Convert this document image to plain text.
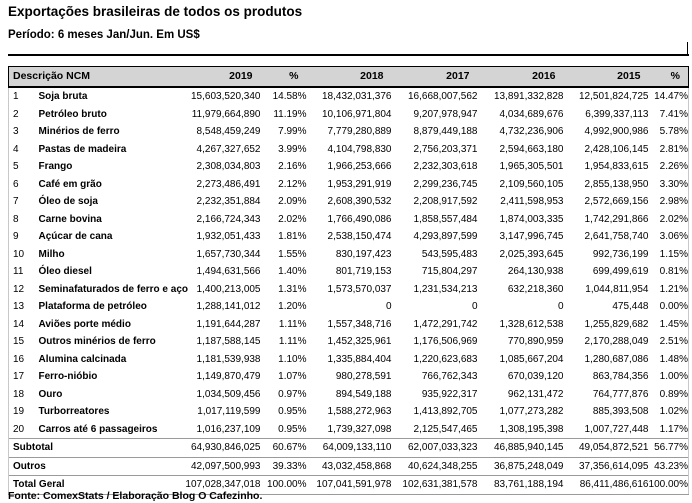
Exportações brasileiras de todos os produtos
Período: 6 meses Jan/Jun. Em US$
Descrição NCM		2019	%	2018	2017	2016	2015	%
1	Soja bruta	15,603,520,340	14.58%	18,432,031,376	16,668,007,562	13,891,332,828	12,501,824,725	14.47%
2	Petróleo bruto	11,979,664,890	11.19%	10,106,971,804	9,207,978,947	4,034,689,676	6,399,337,113	7.41%
3	Minérios de ferro	8,548,459,249	7.99%	7,779,280,889	8,879,449,188	4,732,236,906	4,992,900,986	5.78%
4	Pastas de madeira	4,267,327,652	3.99%	4,104,798,830	2,756,203,371	2,594,663,180	2,428,106,145	2.81%
5	Frango	2,308,034,803	2.16%	1,966,253,666	2,232,303,618	1,965,305,501	1,954,833,615	2.26%
6	Café em grão	2,273,486,491	2.12%	1,953,291,919	2,299,236,745	2,109,560,105	2,855,138,950	3.30%
7	Óleo de soja	2,232,351,884	2.09%	2,608,390,532	2,208,917,592	2,411,598,953	2,572,669,156	2.98%
8	Carne bovina	2,166,724,343	2.02%	1,766,490,086	1,858,557,484	1,874,003,335	1,742,291,866	2.02%
9	Açúcar de cana	1,932,051,433	1.81%	2,538,150,474	4,293,897,599	3,147,996,745	2,641,758,740	3.06%
10	Milho	1,657,730,344	1.55%	830,197,423	543,595,483	2,025,393,645	992,736,199	1.15%
11	Óleo diesel	1,494,631,566	1.40%	801,719,153	715,804,297	264,130,938	699,499,619	0.81%
12	Seminafaturados de ferro e aço	1,400,213,005	1.31%	1,573,570,037	1,231,534,213	632,218,360	1,044,811,954	1.21%
13	Plataforma de petróleo	1,288,141,012	1.20%	0	0	0	475,448	0.00%
14	Aviões porte médio	1,191,644,287	1.11%	1,557,348,716	1,472,291,742	1,328,612,538	1,255,829,682	1.45%
15	Outros minérios de ferro	1,187,588,145	1.11%	1,452,325,961	1,176,506,969	770,890,959	2,170,288,049	2.51%
16	Alumina calcinada	1,181,539,938	1.10%	1,335,884,404	1,220,623,683	1,085,667,204	1,280,687,086	1.48%
17	Ferro-nióbio	1,149,870,479	1.07%	980,278,591	766,762,343	670,039,120	863,784,356	1.00%
18	Ouro	1,034,509,456	0.97%	894,549,188	935,922,317	962,131,472	764,777,876	0.89%
19	Turborreatores	1,017,119,599	0.95%	1,588,272,963	1,413,892,705	1,077,273,282	885,393,508	1.02%
20	Carros até 6 passageiros	1,016,237,109	0.95%	1,739,327,098	2,125,547,465	1,308,195,398	1,007,727,448	1.17%
Subtotal		64,930,846,025	60.67%	64,009,133,110	62,007,033,323	46,885,940,145	49,054,872,521	56.77%
Outros		42,097,500,993	39.33%	43,032,458,868	40,624,348,255	36,875,248,049	37,356,614,095	43.23%
Total Geral		107,028,347,018	100.00%	107,041,591,978	102,631,381,578	83,761,188,194	86,411,486,616	100.00%
Fonte: ComexStats / Elaboração Blog O Cafezinho.
